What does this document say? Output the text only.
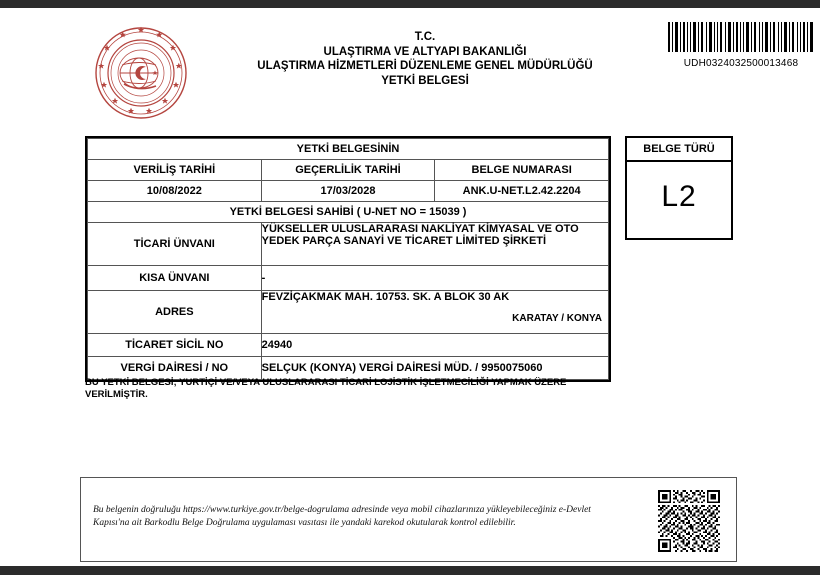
T.C.
ULAŞTIRMA VE ALTYAPI BAKANLIĞI
ULAŞTIRMA HİZMETLERİ DÜZENLEME GENEL MÜDÜRLÜĞÜ
YETKİ BELGESİ
UDH0324032500013468
YETKİ BELGESİNİN		
VERİLİŞ TARİHİ	GEÇERLİLİK TARİHİ	BELGE NUMARASI
10/08/2022	17/03/2028	ANK.U-NET.L2.42.2204
YETKİ BELGESİ SAHİBİ ( U-NET NO = 15039 )		
TİCARİ ÜNVANI	YÜKSELLER ULUSLARARASI NAKLİYAT KİMYASAL VE OTO YEDEK PARÇA SANAYİ VE TİCARET LİMİTED ŞİRKETİ	
KISA ÜNVANI	-	
ADRES	FEVZİÇAKMAK MAH. 10753. SK. A BLOK 30 AK
KARATAY / KONYA	

TİCARET SİCİL NO	24940	
VERGİ DAİRESİ / NO	SELÇUK (KONYA) VERGİ DAİRESİ MÜD. / 9950075060	
BELGE TÜRÜ
L2
BU YETKİ BELGESİ; YURTİÇİ VE/VEYA ULUSLARARASI TİCARİ LOJİSTİK İŞLETMECİLİĞİ YAPMAK ÜZERE VERİLMİŞTİR.
Bu belgenin doğruluğu https://www.turkiye.gov.tr/belge-dogrulama adresinde veya mobil cihazlarınıza yükleyebileceğiniz e-Devlet Kapısı'na ait Barkodlu Belge Doğrulama uygulaması vasıtası ile yandaki karekod okutularak kontrol edilebilir.
